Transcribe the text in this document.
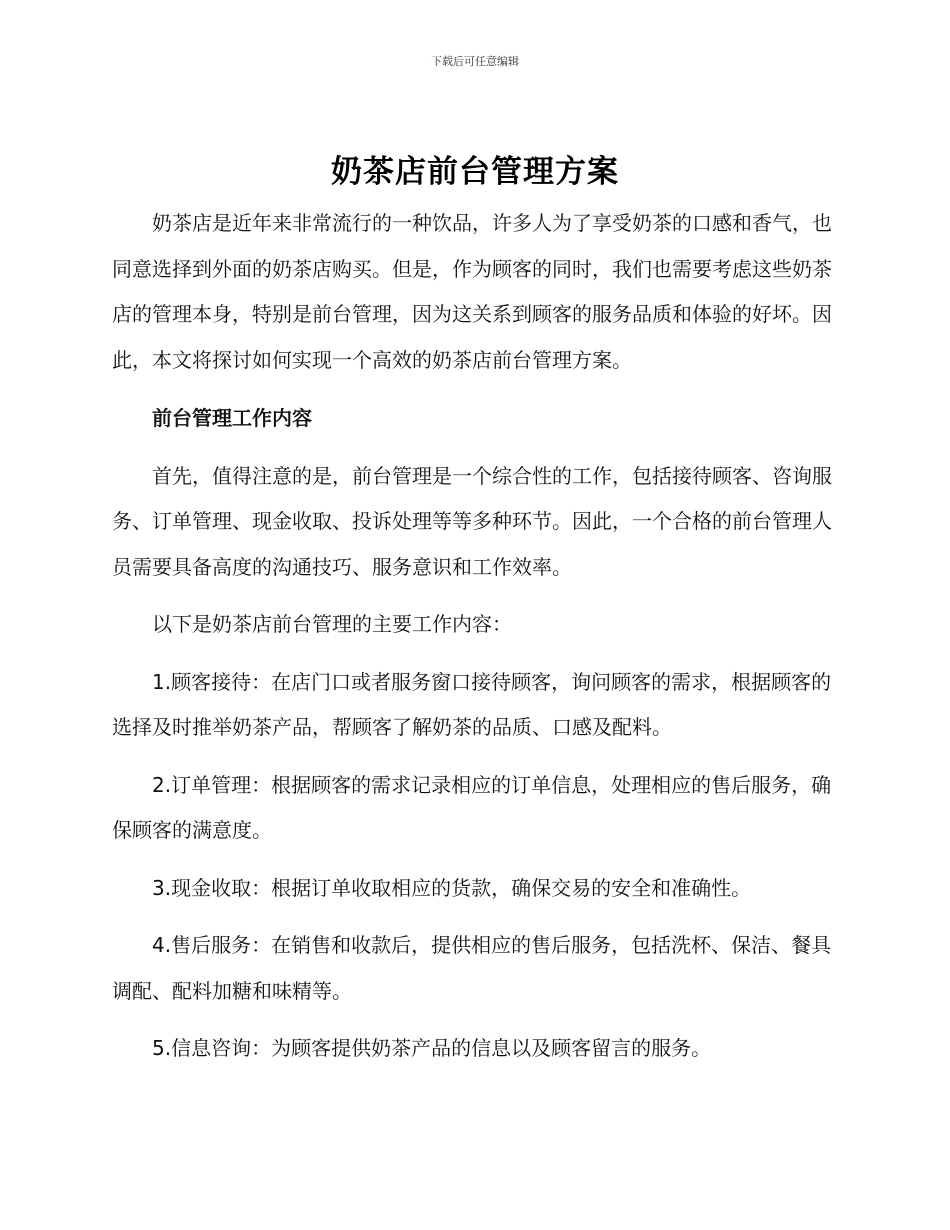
下载后可任意编辑
奶茶店前台管理方案

奶茶店是近年来非常流行的一种饮品，许多人为了享受奶茶的口感和香气，也同意选择到外面的奶茶店购买。但是，作为顾客的同时，我们也需要考虑这些奶茶店的管理本身，特别是前台管理，因为这关系到顾客的服务品质和体验的好坏。因此，本文将探讨如何实现一个高效的奶茶店前台管理方案。

前台管理工作内容

首先，值得注意的是，前台管理是一个综合性的工作，包括接待顾客、咨询服务、订单管理、现金收取、投诉处理等等多种环节。因此，一个合格的前台管理人员需要具备高度的沟通技巧、服务意识和工作效率。

以下是奶茶店前台管理的主要工作内容：

1.顾客接待：在店门口或者服务窗口接待顾客，询问顾客的需求，根据顾客的选择及时推举奶茶产品，帮顾客了解奶茶的品质、口感及配料。

2.订单管理：根据顾客的需求记录相应的订单信息，处理相应的售后服务，确保顾客的满意度。

3.现金收取：根据订单收取相应的货款，确保交易的安全和准确性。

4.售后服务：在销售和收款后，提供相应的售后服务，包括洗杯、保洁、餐具调配、配料加糖和味精等。

5.信息咨询：为顾客提供奶茶产品的信息以及顾客留言的服务。
